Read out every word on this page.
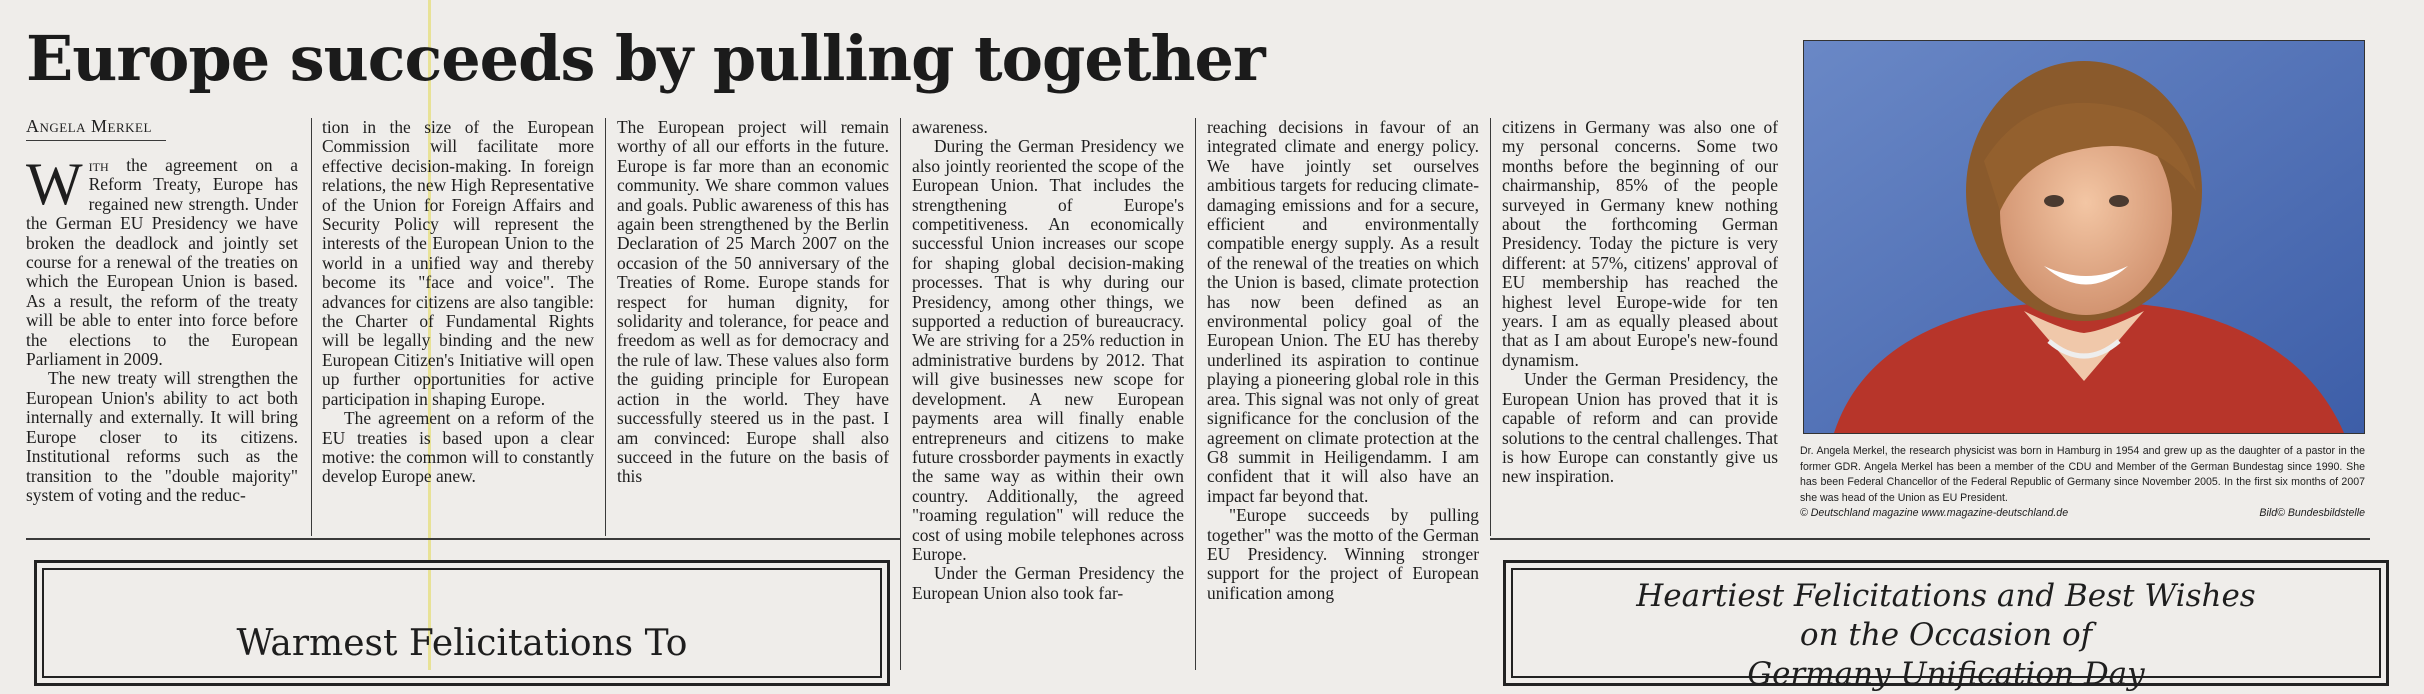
Europe succeeds by pulling together
Angela Merkel

With the agreement on a Reform Treaty, Europe has regained new strength. Under the German EU Presidency we have broken the deadlock and jointly set course for a renewal of the treaties on which the European Union is based. As a result, the reform of the treaty will be able to enter into force before the elections to the European Parliament in 2009.

The new treaty will strengthen the European Union's ability to act both internally and externally. It will bring Europe closer to its citizens. Institutional reforms such as the transition to the "double majority" system of voting and the reduc-

tion in the size of the European Commission will facilitate more effective decision-making. In foreign relations, the new High Representative of the Union for Foreign Affairs and Security Policy will represent the interests of the European Union to the world in a unified way and thereby become its "face and voice". The advances for citizens are also tangible: the Charter of Fundamental Rights will be legally binding and the new European Citizen's Initiative will open up further opportunities for active participation in shaping Europe.

The agreement on a reform of the EU treaties is based upon a clear motive: the common will to constantly develop Europe anew.

The European project will remain worthy of all our efforts in the future. Europe is far more than an economic community. We share common values and goals. Public awareness of this has again been strengthened by the Berlin Declaration of 25 March 2007 on the occasion of the 50 anniversary of the Treaties of Rome. Europe stands for respect for human dignity, for solidarity and tolerance, for peace and freedom as well as for democracy and the rule of law. These values also form the guiding principle for European action in the world. They have successfully steered us in the past. I am convinced: Europe shall also succeed in the future on the basis of this

awareness.

During the German Presidency we also jointly reoriented the scope of the European Union. That includes the strengthening of Europe's competitiveness. An economically successful Union increases our scope for shaping global decision-making processes. That is why during our Presidency, among other things, we supported a reduction of bureaucracy. We are striving for a 25% reduction in administrative burdens by 2012. That will give businesses new scope for development. A new European payments area will finally enable entrepreneurs and citizens to make future crossborder payments in exactly the same way as within their own country. Additionally, the agreed "roaming regulation" will reduce the cost of using mobile telephones across Europe.

Under the German Presidency the European Union also took far-

reaching decisions in favour of an integrated climate and energy policy. We have jointly set ourselves ambitious targets for reducing climate-damaging emissions and for a secure, efficient and environmentally compatible energy supply. As a result of the renewal of the treaties on which the Union is based, climate protection has now been defined as an environmental policy goal of the European Union. The EU has thereby underlined its aspiration to continue playing a pioneering global role in this area. This signal was not only of great significance for the conclusion of the agreement on climate protection at the G8 summit in Heiligendamm. I am confident that it will also have an impact far beyond that.

"Europe succeeds by pulling together" was the motto of the German EU Presidency. Winning stronger support for the project of European unification among

citizens in Germany was also one of my personal concerns. Some two months before the beginning of our chairmanship, 85% of the people surveyed in Germany knew nothing about the forthcoming German Presidency. Today the picture is very different: at 57%, citizens' approval of EU membership has reached the highest level Europe-wide for ten years. I am as equally pleased about that as I am about Europe's new-found dynamism.

Under the German Presidency, the European Union has proved that it is capable of reform and can provide solutions to the central challenges. That is how Europe can constantly give us new inspiration.

Dr. Angela Merkel, the research physicist was born in Hamburg in 1954 and grew up as the daughter of a pastor in the former GDR. Angela Merkel has been a member of the CDU and Member of the German Bundestag since 1990. She has been Federal Chancellor of the Federal Republic of Germany since November 2005. In the first six months of 2007 she was head of the Union as EU President.
© Deutschland magazine www.magazine-deutschland.de	Bild© Bundesbildstelle
Warmest Felicitations To
Heartiest Felicitations and Best Wishes
on the Occasion of
Germany Unification Day
